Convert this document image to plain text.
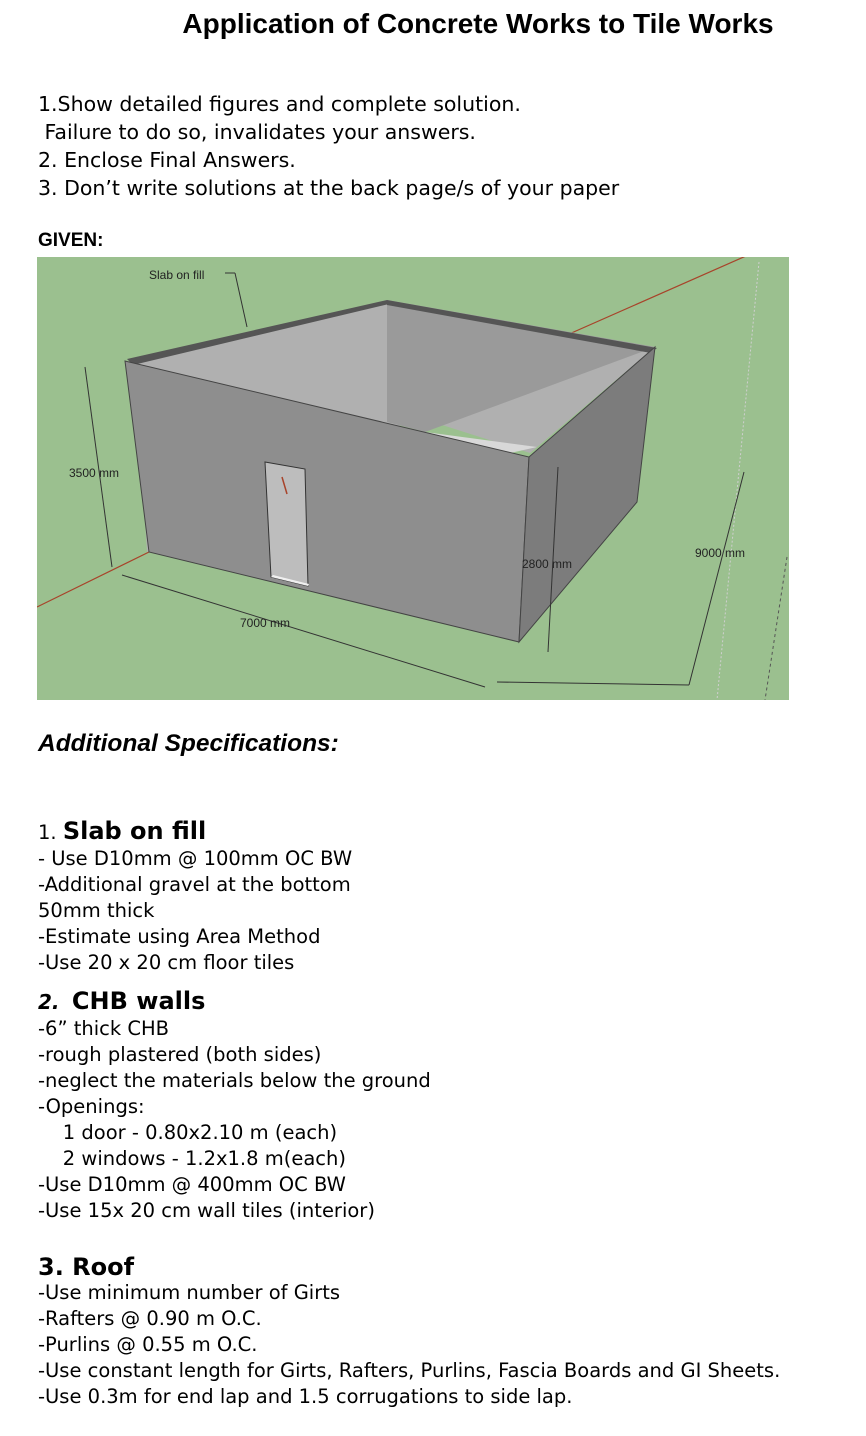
Application of Concrete Works to Tile Works
1.Show detailed figures and complete solution.
Failure to do so, invalidates your answers.
2. Enclose Final Answers.
3. Don’t write solutions at the back page/s of your paper
GIVEN:
Slab on fill
3500 mm
7000 mm
2800 mm
9000 mm
Additional Specifications:

1. Slab on fill
- Use D10mm @ 100mm OC BW
-Additional gravel at the bottom
50mm thick
-Estimate using Area Method
-Use 20 x 20 cm floor tiles

2. CHB walls
-6” thick CHB
-rough plastered (both sides)
-neglect the materials below the ground
-Openings:
1 door - 0.80x2.10 m (each)
2 windows - 1.2x1.8 m(each)
-Use D10mm @ 400mm OC BW
-Use 15x 20 cm wall tiles (interior)

3. Roof
-Use minimum number of Girts
-Rafters @ 0.90 m O.C.
-Purlins @ 0.55 m O.C.
-Use constant length for Girts, Rafters, Purlins, Fascia Boards and GI Sheets.
-Use 0.3m for end lap and 1.5 corrugations to side lap.
